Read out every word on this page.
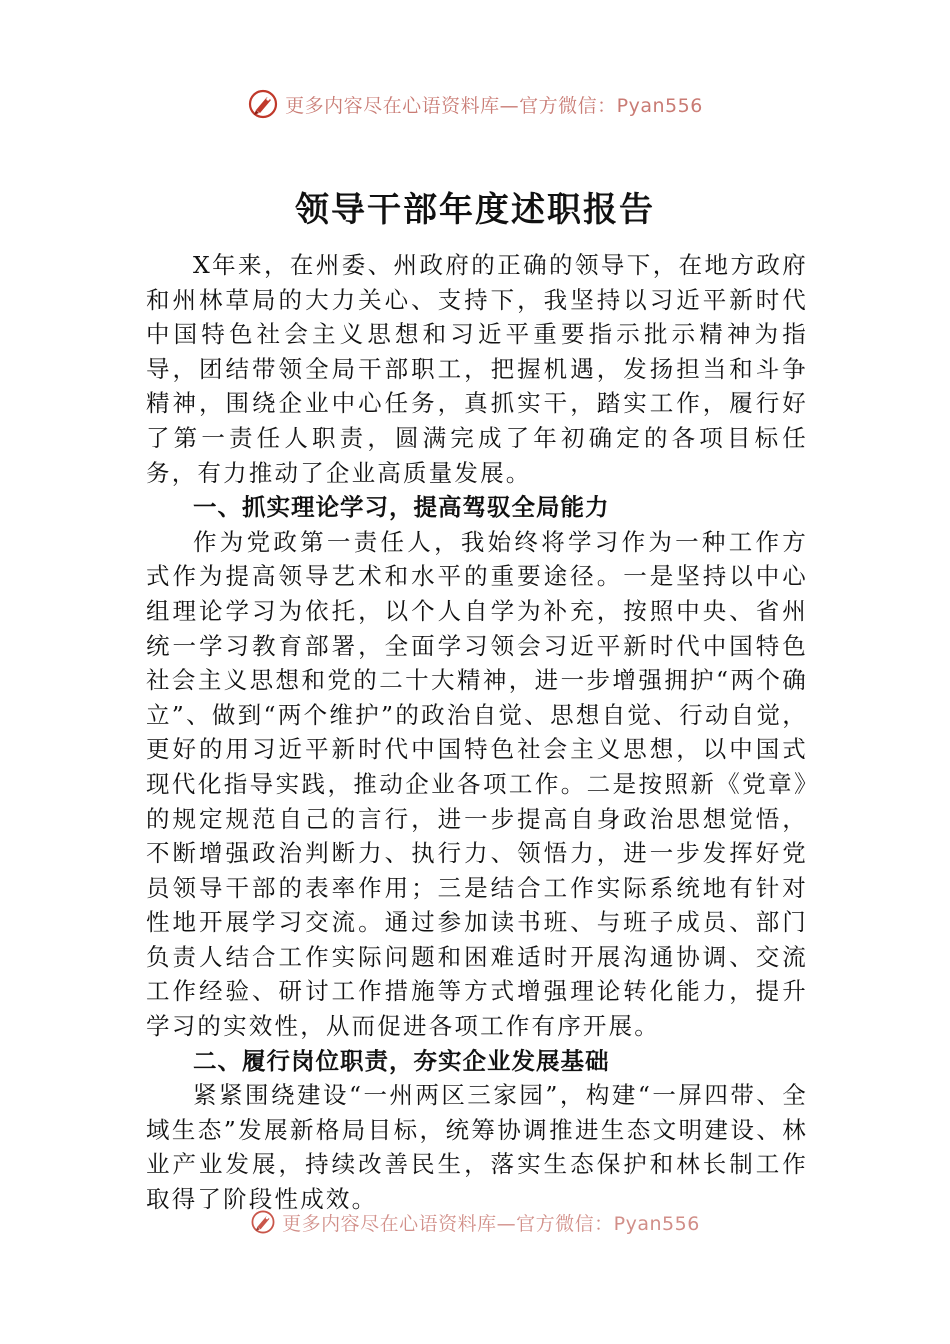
更多内容尽在心语资料库—官方微信：Pyan556
领导干部年度述职报告

X年来，在州委、州政府的正确的领导下，在地方政府和州林草局的大力关心、支持下，我坚持以习近平新时代中国特色社会主义思想和习近平重要指示批示精神为指导，团结带领全局干部职工，把握机遇，发扬担当和斗争精神，围绕企业中心任务，真抓实干，踏实工作，履行好了第一责任人职责，圆满完成了年初确定的各项目标任务，有力推动了企业高质量发展。

一、抓实理论学习，提高驾驭全局能力

作为党政第一责任人，我始终将学习作为一种工作方式作为提高领导艺术和水平的重要途径。一是坚持以中心组理论学习为依托，以个人自学为补充，按照中央、省州统一学习教育部署，全面学习领会习近平新时代中国特色社会主义思想和党的二十大精神，进一步增强拥护“两个确立”、做到“两个维护”的政治自觉、思想自觉、行动自觉，更好的用习近平新时代中国特色社会主义思想，以中国式现代化指导实践，推动企业各项工作。二是按照新《党章》的规定规范自己的言行，进一步提高自身政治思想觉悟，不断增强政治判断力、执行力、领悟力，进一步发挥好党员领导干部的表率作用；三是结合工作实际系统地有针对性地开展学习交流。通过参加读书班、与班子成员、部门负责人结合工作实际问题和困难适时开展沟通协调、交流工作经验、研讨工作措施等方式增强理论转化能力，提升学习的实效性，从而促进各项工作有序开展。

二、履行岗位职责，夯实企业发展基础

紧紧围绕建设“一州两区三家园”，构建“一屏四带、全域生态”发展新格局目标，统筹协调推进生态文明建设、林业产业发展，持续改善民生，落实生态保护和林长制工作取得了阶段性成效。

更多内容尽在心语资料库—官方微信：Pyan556
